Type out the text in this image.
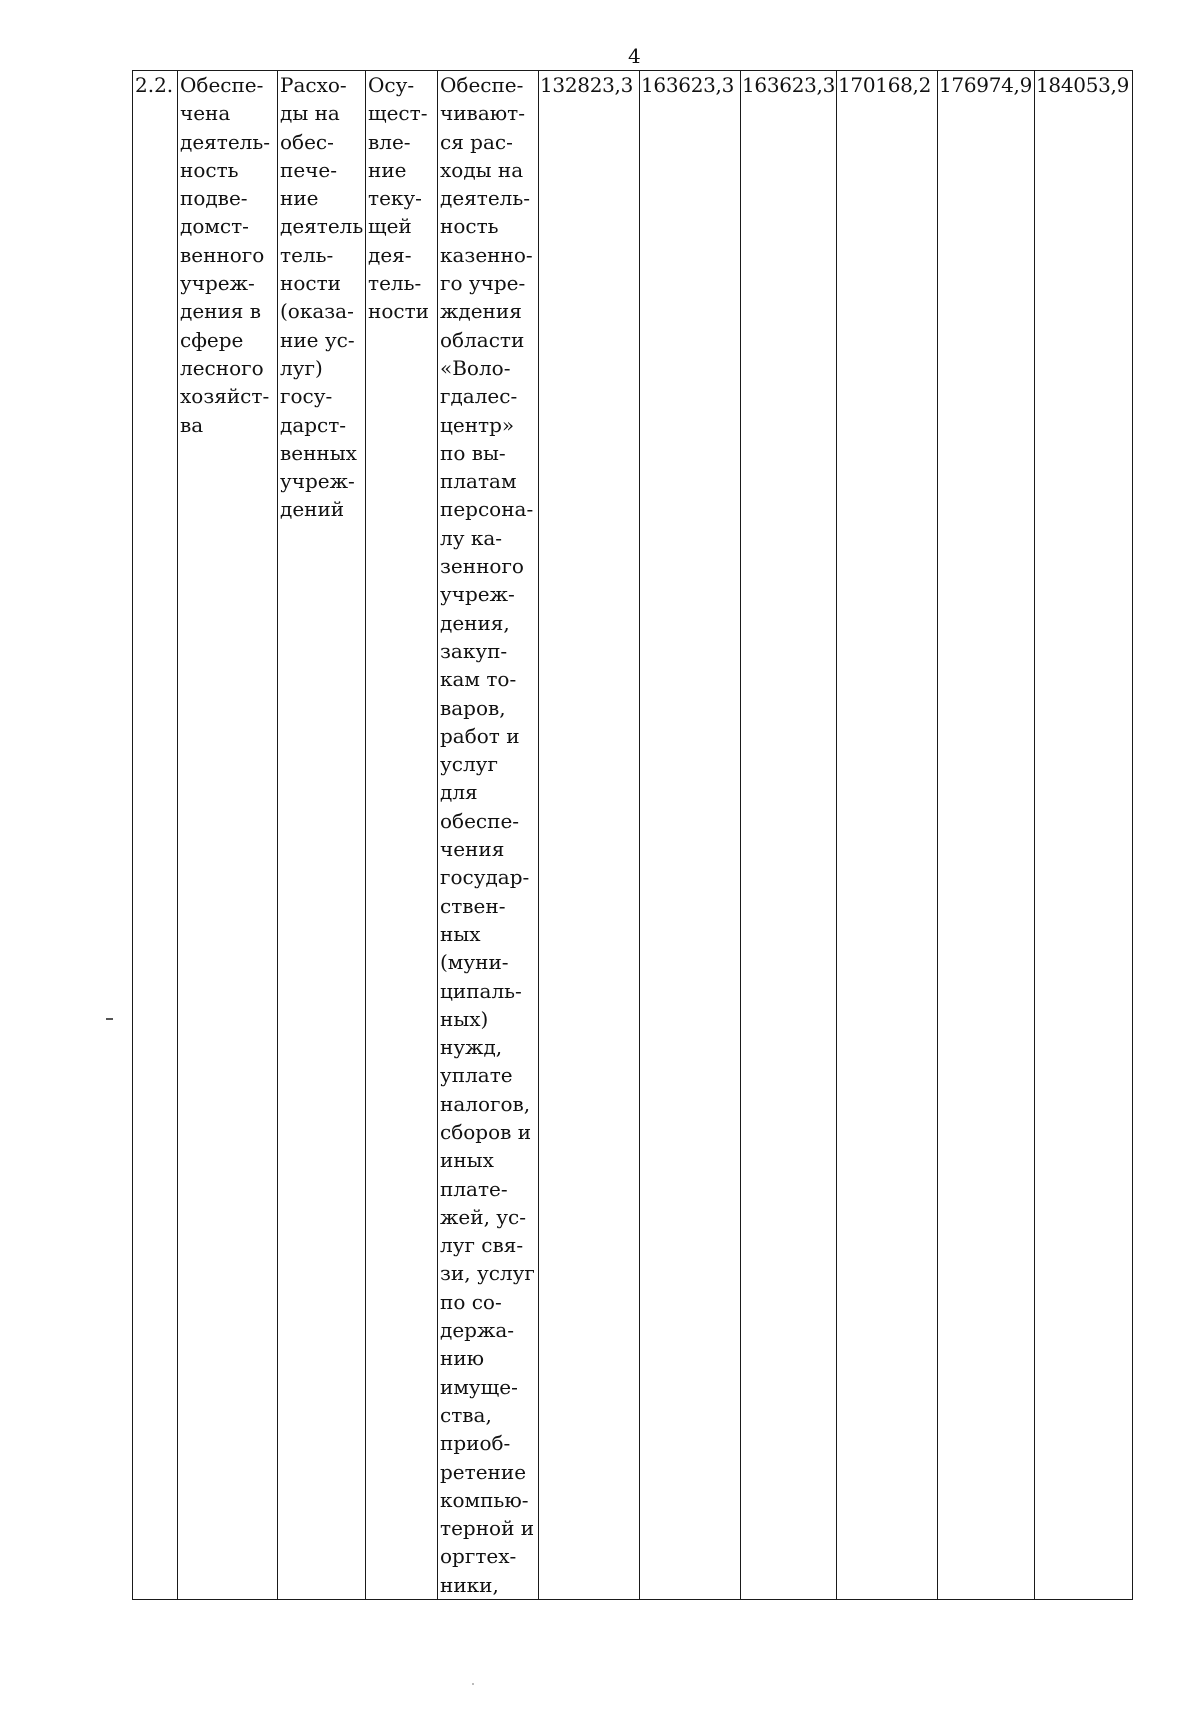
4
2.2.	Обеспе-
чена
деятель-
ность
подве-
домст-
венного
учреж-
дения в
сфере
лесного
хозяйст-
ва	Расхо-
ды на
обес-
пече-
ние
деятель
тель-
ности
(оказа-
ние ус-
луг)
госу-
дарст-
венных
учреж-
дений	Осу-
щест-
вле-
ние
теку-
щей
дея-
тель-
ности	Обеспе-
чивают-
ся рас-
ходы на
деятель-
ность
казенно-
го учре-
ждения
области
«Воло-
гдалес-
центр»
по вы-
платам
персона-
лу ка-
зенного
учреж-
дения,
закуп-
кам то-
варов,
работ и
услуг
для
обеспе-
чения
государ-
ствен-
ных
(муни-
ципаль-
ных)
нужд,
уплате
налогов,
сборов и
иных
плате-
жей, ус-
луг свя-
зи, услуг
по со-
держа-
нию
имуще-
ства,
приоб-
ретение
компью-
терной и
оргтех-
ники,	132823,3	163623,3	163623,3	170168,2	176974,9	184053,9
